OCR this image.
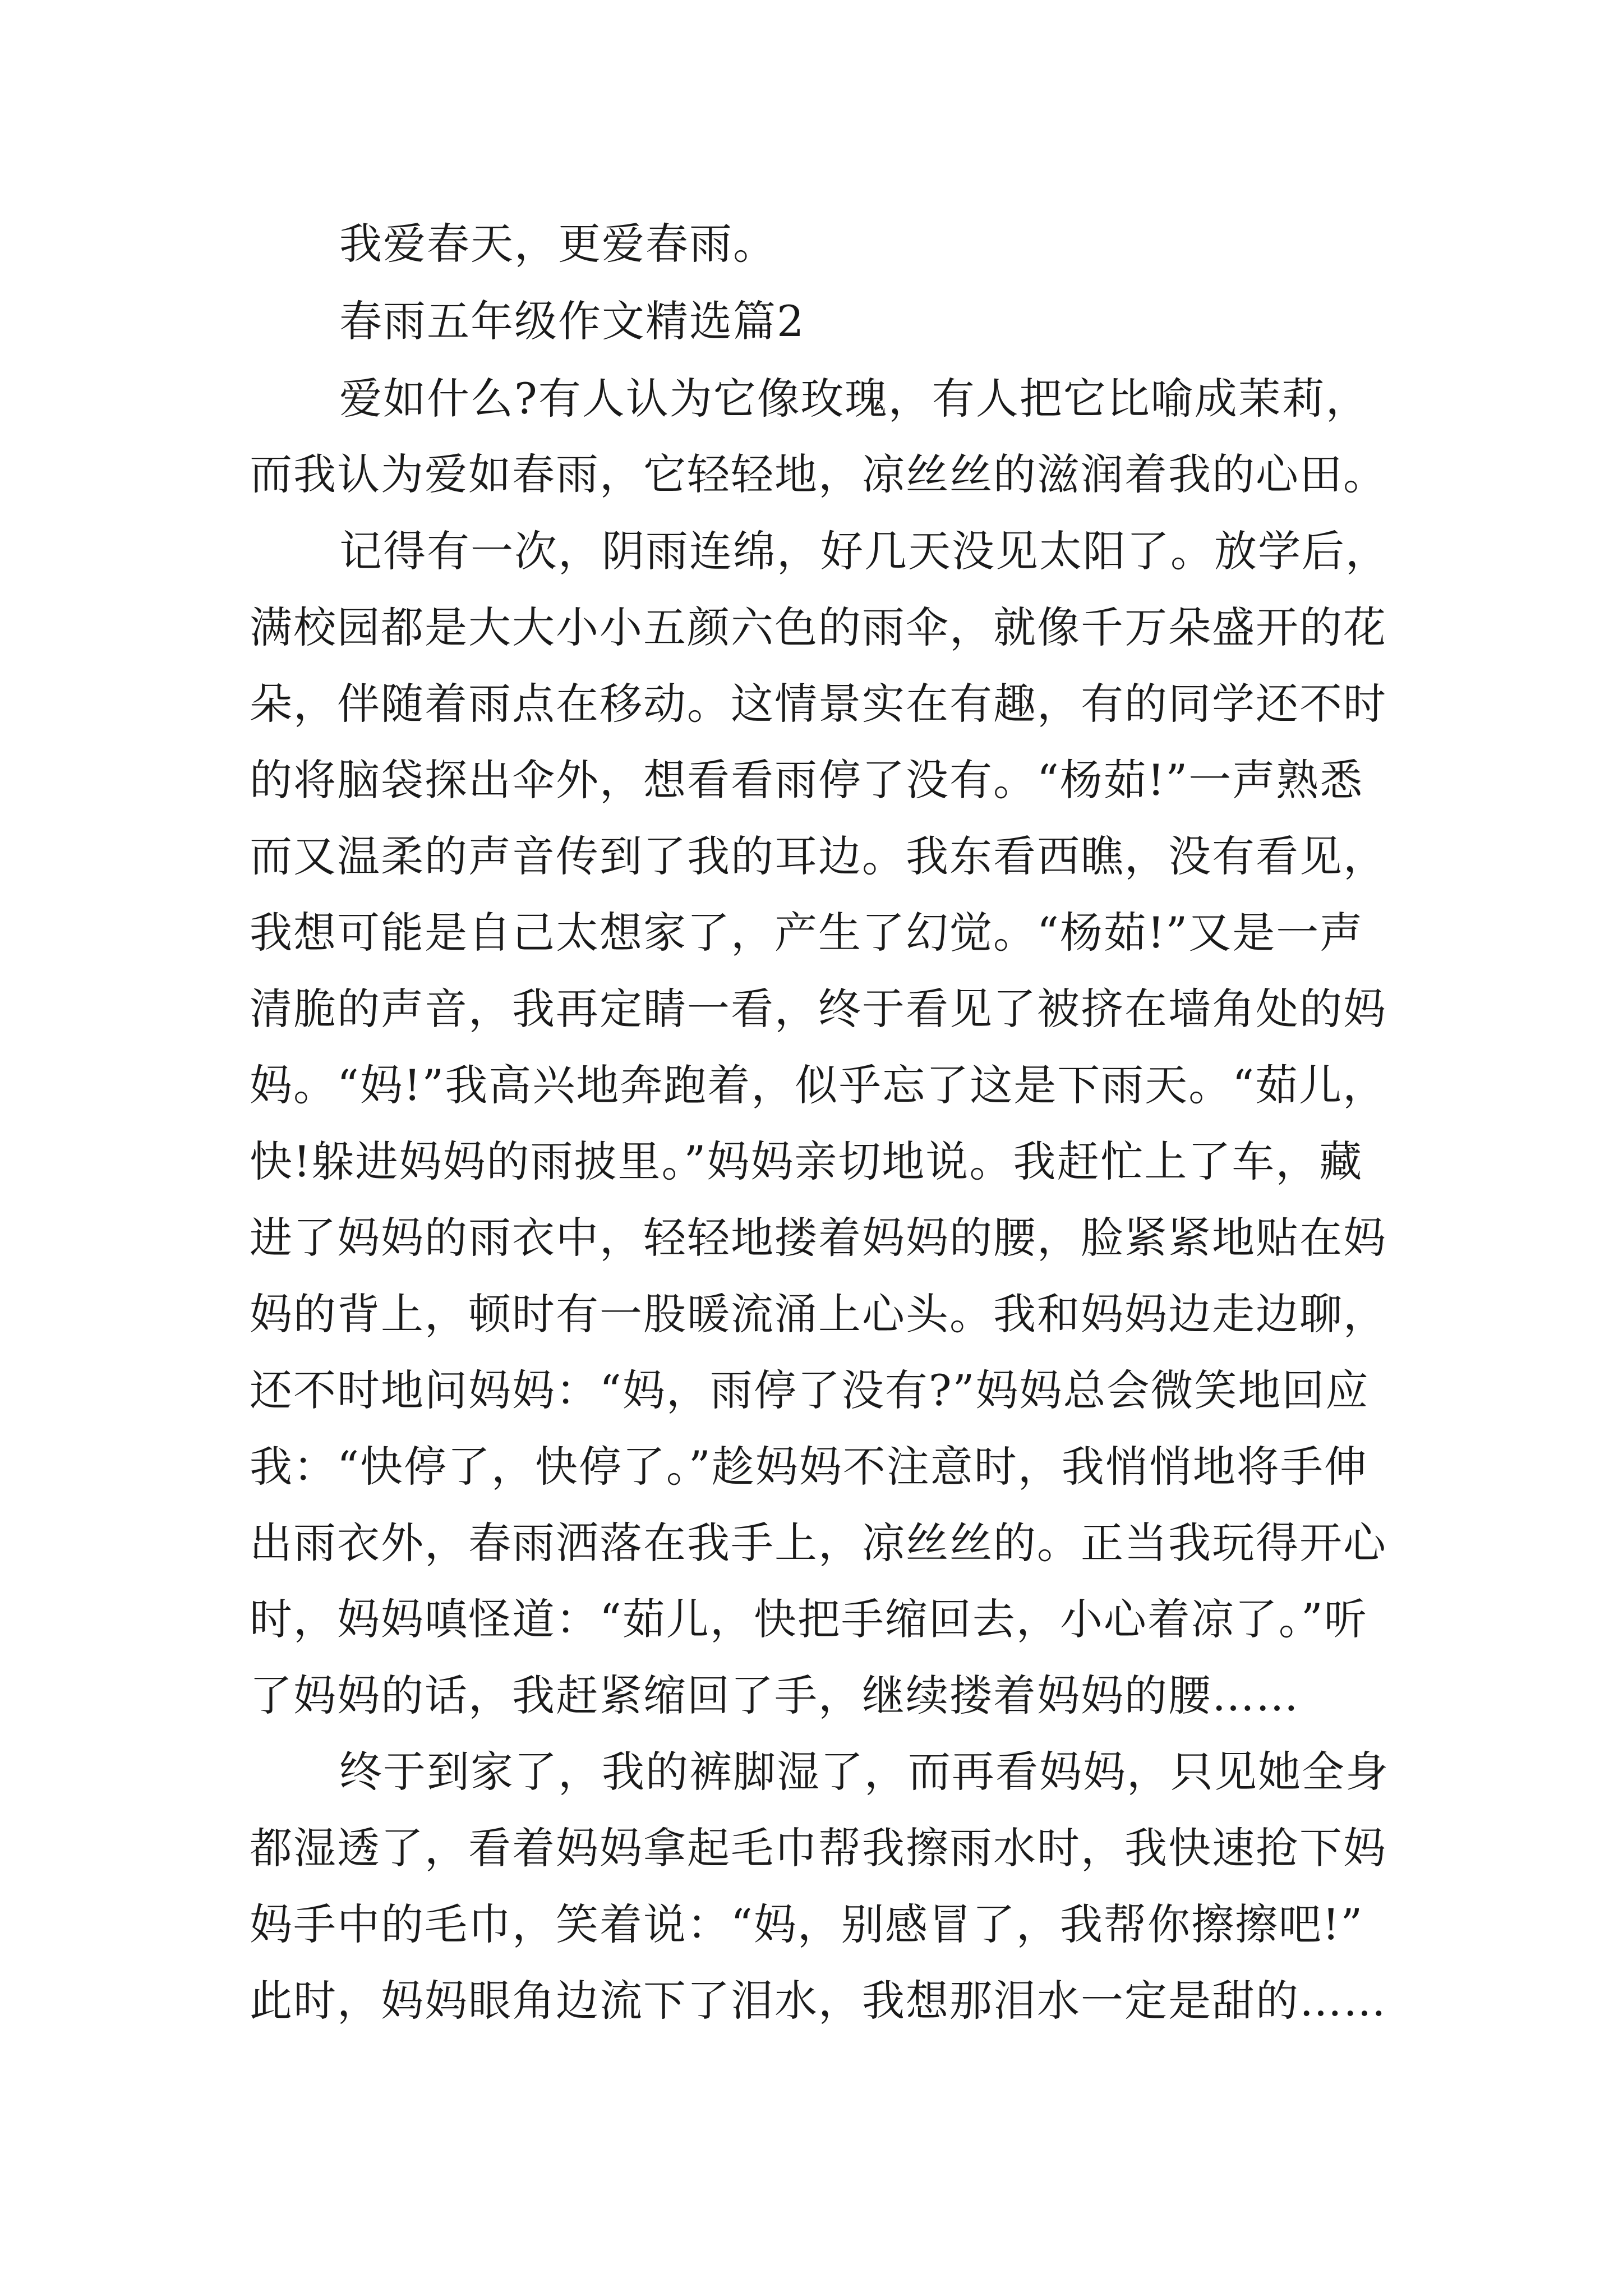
我爱春天，更爱春雨。
春雨五年级作文精选篇2
爱如什么?有人认为它像玫瑰，有人把它比喻成茉莉，
而我认为爱如春雨，它轻轻地，凉丝丝的滋润着我的心田。
记得有一次，阴雨连绵，好几天没见太阳了。放学后，
满校园都是大大小小五颜六色的雨伞，就像千万朵盛开的花
朵，伴随着雨点在移动。这情景实在有趣，有的同学还不时
的将脑袋探出伞外，想看看雨停了没有。“杨茹!”一声熟悉
而又温柔的声音传到了我的耳边。我东看西瞧，没有看见，
我想可能是自己太想家了，产生了幻觉。“杨茹!”又是一声
清脆的声音，我再定睛一看，终于看见了被挤在墙角处的妈
妈。“妈!”我高兴地奔跑着，似乎忘了这是下雨天。“茹儿，
快!躲进妈妈的雨披里。”妈妈亲切地说。我赶忙上了车，藏
进了妈妈的雨衣中，轻轻地搂着妈妈的腰，脸紧紧地贴在妈
妈的背上，顿时有一股暖流涌上心头。我和妈妈边走边聊，
还不时地问妈妈：“妈，雨停了没有?”妈妈总会微笑地回应
我：“快停了，快停了。”趁妈妈不注意时，我悄悄地将手伸
出雨衣外，春雨洒落在我手上，凉丝丝的。正当我玩得开心
时，妈妈嗔怪道：“茹儿，快把手缩回去，小心着凉了。”听
了妈妈的话，我赶紧缩回了手，继续搂着妈妈的腰……
终于到家了，我的裤脚湿了，而再看妈妈，只见她全身
都湿透了，看着妈妈拿起毛巾帮我擦雨水时，我快速抢下妈
妈手中的毛巾，笑着说：“妈，别感冒了，我帮你擦擦吧!”
此时，妈妈眼角边流下了泪水，我想那泪水一定是甜的……
